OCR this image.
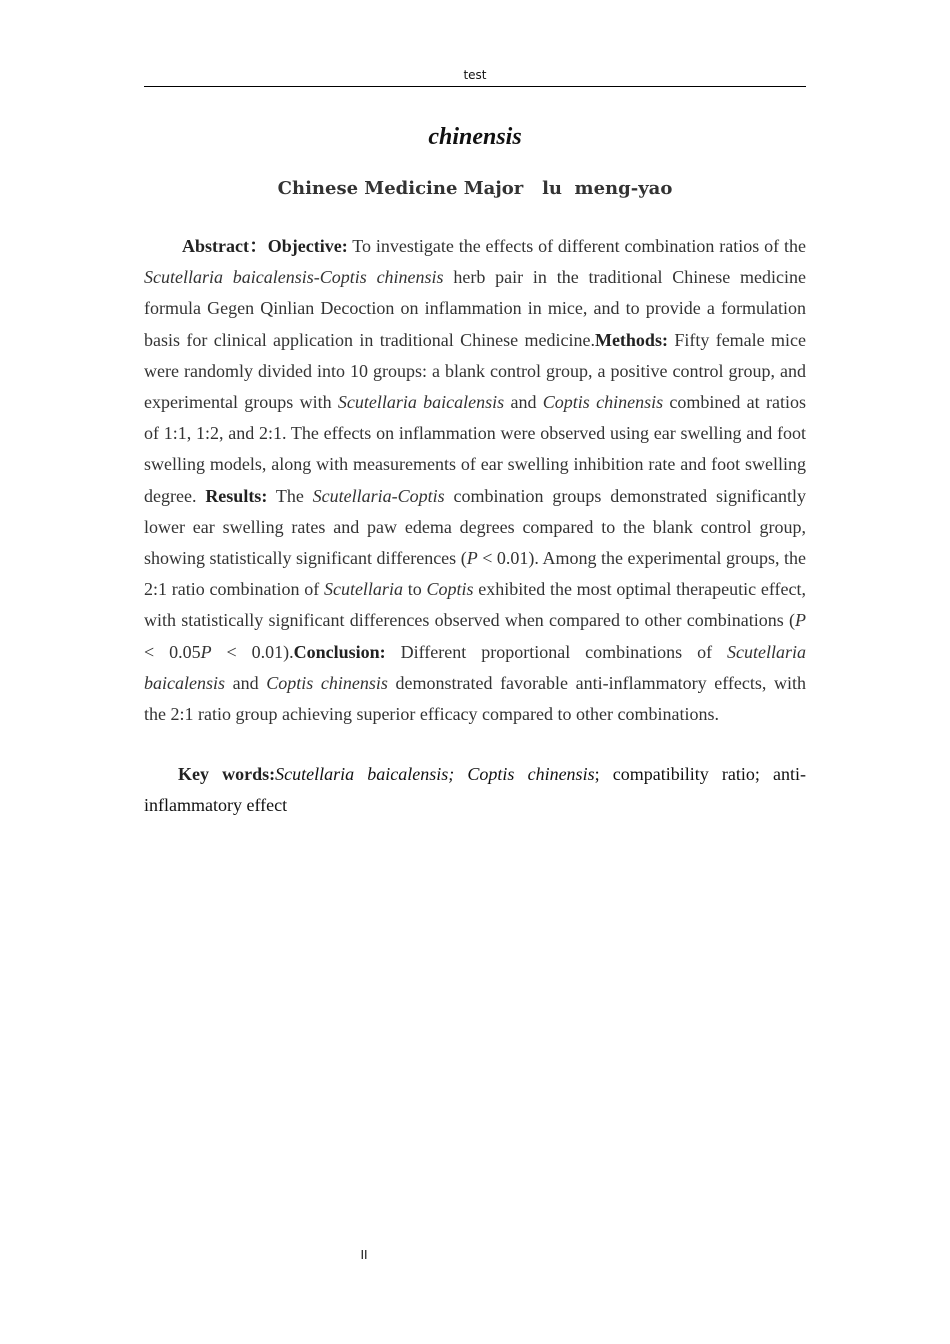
test
chinensis
Chinese Medicine Major   lu  meng-yao

Abstract：Objective: To investigate the effects of different combination ratios of the Scutellaria baicalensis-Coptis chinensis herb pair in the traditional Chinese medicine formula Gegen Qinlian Decoction on inflammation in mice, and to provide a formulation basis for clinical application in traditional Chinese medicine.Methods: Fifty female mice were randomly divided into 10 groups: a blank control group, a positive control group, and experimental groups with Scutellaria baicalensis and Coptis chinensis combined at ratios of 1:1, 1:2, and 2:1. The effects on inflammation were observed using ear swelling and foot swelling models, along with measurements of ear swelling inhibition rate and foot swelling degree. Results: The Scutellaria-Coptis combination groups demonstrated significantly lower ear swelling rates and paw edema degrees compared to the blank control group, showing statistically significant differences (P < 0.01). Among the experimental groups, the 2:1 ratio combination of Scutellaria to Coptis exhibited the most optimal therapeutic effect, with statistically significant differences observed when compared to other combinations (P < 0.05P < 0.01).Conclusion: Different proportional combinations of Scutellaria baicalensis and Coptis chinensis demonstrated favorable anti-inflammatory effects, with the 2:1 ratio group achieving superior efficacy compared to other combinations.

Key words:Scutellaria baicalensis; Coptis chinensis; compatibility ratio; anti-inflammatory effect

II
